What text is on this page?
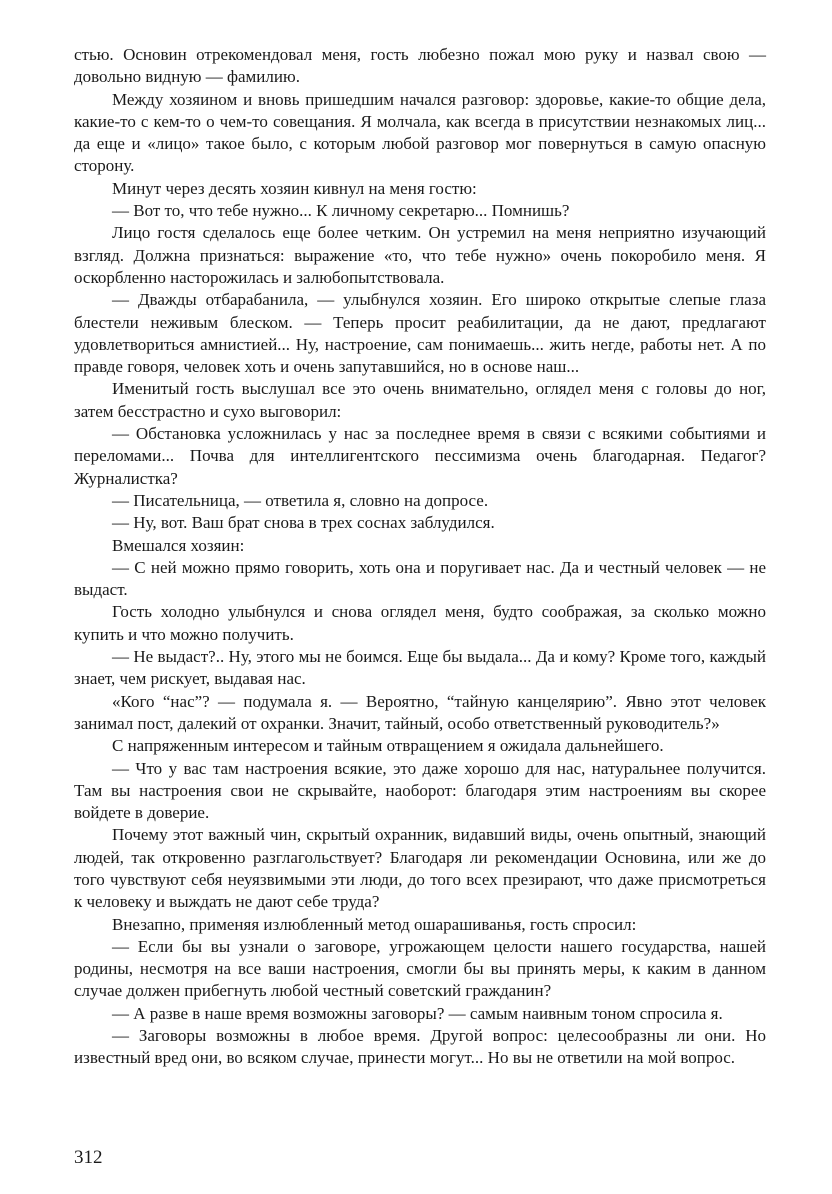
стью. Основин отрекомендовал меня, гость любезно пожал мою руку и назвал свою — довольно видную — фамилию.

Между хозяином и вновь пришедшим начался разговор: здоровье, какие-то общие дела, какие-то с кем-то о чем-то совещания. Я молчала, как всегда в присутствии незнакомых лиц... да еще и «лицо» такое было, с которым любой разговор мог повернуться в самую опасную сторону.

Минут через десять хозяин кивнул на меня гостю:

— Вот то, что тебе нужно... К личному секретарю... Помнишь?

Лицо гостя сделалось еще более четким. Он устремил на меня неприятно изучающий взгляд. Должна признаться: выражение «то, что тебе нужно» очень покоробило меня. Я оскорбленно насторожилась и залюбопытствовала.

— Дважды отбарабанила, — улыбнулся хозяин. Его широко открытые слепые глаза блестели неживым блеском. — Теперь просит реабилитации, да не дают, предлагают удовлетвориться амнистией... Ну, настроение, сам понимаешь... жить негде, работы нет. А по правде говоря, человек хоть и очень запутавшийся, но в основе наш...

Именитый гость выслушал все это очень внимательно, оглядел меня с головы до ног, затем бесстрастно и сухо выговорил:

— Обстановка усложнилась у нас за последнее время в связи с всякими событиями и переломами... Почва для интеллигентского пессимизма очень благодарная. Педагог? Журналистка?

— Писательница, — ответила я, словно на допросе.

— Ну, вот. Ваш брат снова в трех соснах заблудился.

Вмешался хозяин:

— С ней можно прямо говорить, хоть она и поругивает нас. Да и честный человек — не выдаст.

Гость холодно улыбнулся и снова оглядел меня, будто соображая, за сколько можно купить и что можно получить.

— Не выдаст?.. Ну, этого мы не боимся. Еще бы выдала... Да и кому? Кроме того, каждый знает, чем рискует, выдавая нас.

«Кого “нас”? — подумала я. — Вероятно, “тайную канцелярию”. Явно этот человек занимал пост, далекий от охранки. Значит, тайный, особо ответственный руководитель?»

С напряженным интересом и тайным отвращением я ожидала дальнейшего.

— Что у вас там настроения всякие, это даже хорошо для нас, натуральнее получится. Там вы настроения свои не скрывайте, наоборот: благодаря этим настроениям вы скорее войдете в доверие.

Почему этот важный чин, скрытый охранник, видавший виды, очень опытный, знающий людей, так откровенно разглагольствует? Благодаря ли рекомендации Основина, или же до того чувствуют себя неуязвимыми эти люди, до того всех презирают, что даже присмотреться к человеку и выждать не дают себе труда?

Внезапно, применяя излюбленный метод ошарашиванья, гость спросил:

— Если бы вы узнали о заговоре, угрожающем целости нашего государства, нашей родины, несмотря на все ваши настроения, смогли бы вы принять меры, к каким в данном случае должен прибегнуть любой честный советский гражданин?

— А разве в наше время возможны заговоры? — самым наивным тоном спросила я.

— Заговоры возможны в любое время. Другой вопрос: целесообразны ли они. Но известный вред они, во всяком случае, принести могут... Но вы не ответили на мой вопрос.

312
